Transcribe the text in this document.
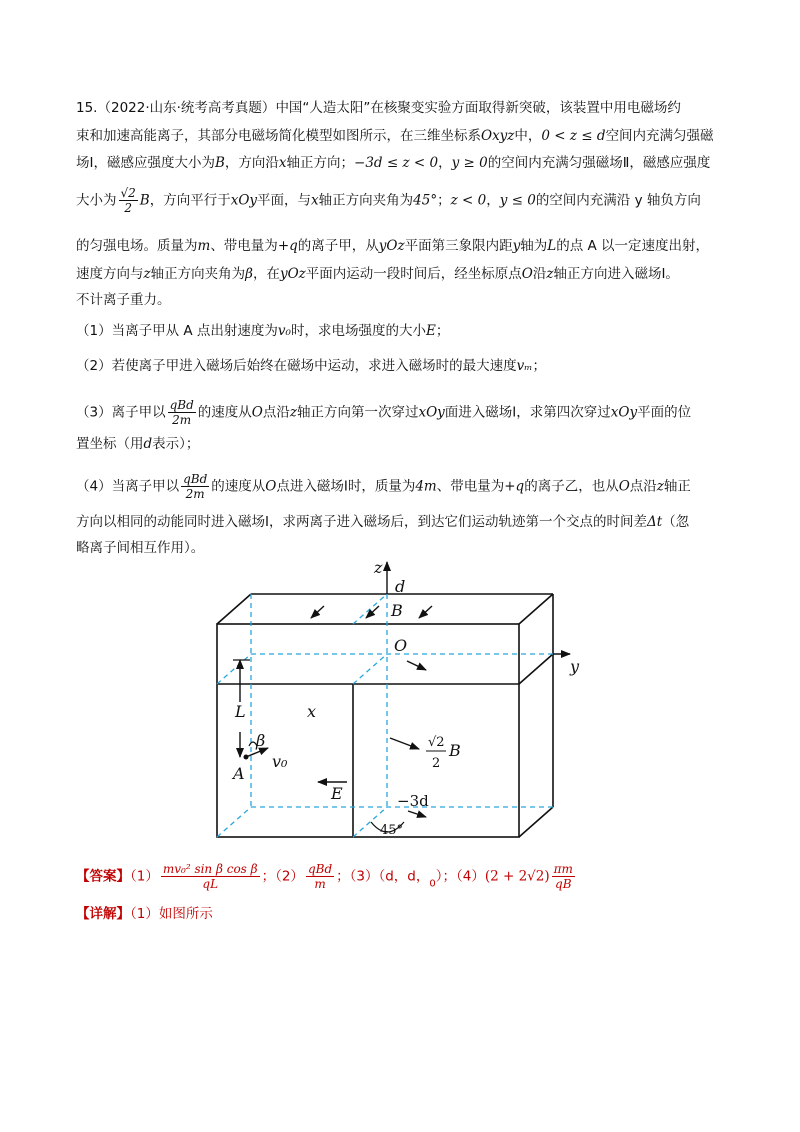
15.（2022·山东·统考高考真题）中国“人造太阳”在核聚变实验方面取得新突破，该装置中用电磁场约
束和加速高能离子，其部分电磁场简化模型如图所示，在三维坐标系Oxyz中，0 < z ≤ d空间内充满匀强磁
场Ⅰ，磁感应强度大小为B，方向沿x轴正方向；−3d ≤ z < 0，y ≥ 0的空间内充满匀强磁场Ⅱ，磁感应强度
大小为 $\frac{√2}{2}$ B，方向平行于xOy平面，与x轴正方向夹角为45°；z < 0，y ≤ 0的空间内充满沿 y 轴负方向
的匀强电场。质量为m、带电量为+q的离子甲，从yOz平面第三象限内距y轴为L的点 A 以一定速度出射，
速度方向与z轴正方向夹角为β，在yOz平面内运动一段时间后，经坐标原点O沿z轴正方向进入磁场Ⅰ。
不计离子重力。
（1）当离子甲从 A 点出射速度为v₀时，求电场强度的大小E；
（2）若使离子甲进入磁场后始终在磁场中运动，求进入磁场时的最大速度vₘ；
（3）离子甲以 $\frac{\text{qBd}}{2m}$ 的速度从O点沿z轴正方向第一次穿过xOy面进入磁场Ⅰ，求第四次穿过xOy平面的位
置坐标（用d表示）；
（4）当离子甲以 $\frac{\text{qBd}}{2m}$ 的速度从O点进入磁场Ⅰ时，质量为4m、带电量为+q的离子乙，也从O点沿z轴正
方向以相同的动能同时进入磁场Ⅰ，求两离子进入磁场后，到达它们运动轨迹第一个交点的时间差Δt（忽
略离子间相互作用）。
z
d
B
O
y
x
L
β
v₀
A
√2
2
B
E	−3d
45°
【答案】$(1) \frac{\text{mv₀² sin β cos β}}{qL}$ ；$(2) \frac{\text{qBd}}{m}$ ；（3）（d，d，$_0$）；$(4)(2 + 2√2) \frac{\pi m}{qB}$
【详解】（1）如图所示
